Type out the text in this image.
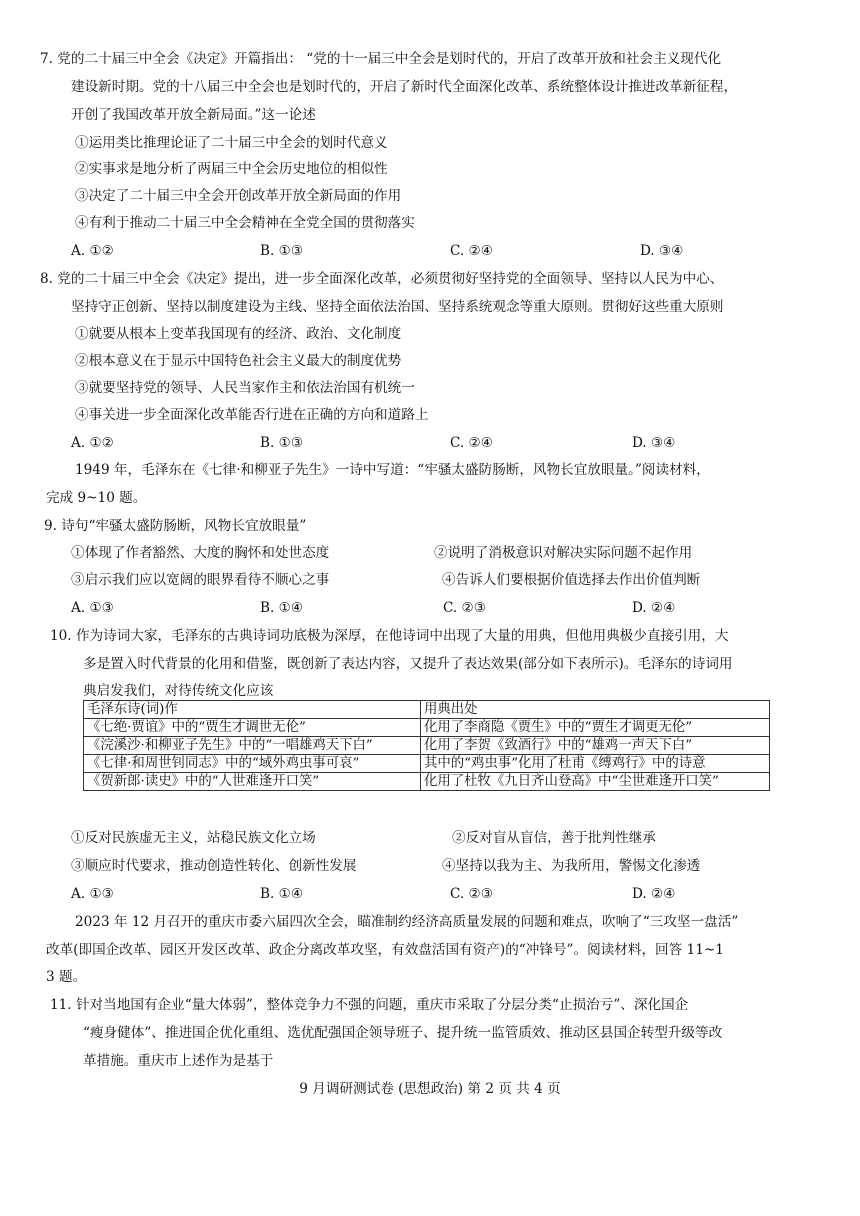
7. 党的二十届三中全会《决定》开篇指出： “党的十一届三中全会是划时代的，开启了改革开放和社会主义现代化
建设新时期。党的十八届三中全会也是划时代的，开启了新时代全面深化改革、系统整体设计推进改革新征程，
开创了我国改革开放全新局面。”这一论述
①运用类比推理论证了二十届三中全会的划时代意义
②实事求是地分析了两届三中全会历史地位的相似性
③决定了二十届三中全会开创改革开放全新局面的作用
④有利于推动二十届三中全会精神在全党全国的贯彻落实
A. ①②	B. ①③	C. ②④	D. ③④
8. 党的二十届三中全会《决定》提出，进一步全面深化改革，必须贯彻好坚持党的全面领导、坚持以人民为中心、
坚持守正创新、坚持以制度建设为主线、坚持全面依法治国、坚持系统观念等重大原则。贯彻好这些重大原则
①就要从根本上变革我国现有的经济、政治、文化制度
②根本意义在于显示中国特色社会主义最大的制度优势
③就要坚持党的领导、人民当家作主和依法治国有机统一
④事关进一步全面深化改革能否行进在正确的方向和道路上
A. ①②	B. ①③	C. ②④	D. ③④
1949 年，毛泽东在《七律·和柳亚子先生》一诗中写道：“牢骚太盛防肠断，风物长宜放眼量。”阅读材料，
完成 9~10 题。
9. 诗句“牢骚太盛防肠断，风物长宜放眼量”
①体现了作者豁然、大度的胸怀和处世态度	②说明了消极意识对解决实际问题不起作用
③启示我们应以宽阔的眼界看待不顺心之事	④告诉人们要根据价值选择去作出价值判断
A. ①③	B. ①④	C. ②③	D. ②④
10. 作为诗词大家，毛泽东的古典诗词功底极为深厚，在他诗词中出现了大量的用典，但他用典极少直接引用，大
多是置入时代背景的化用和借鉴，既创新了表达内容，又提升了表达效果(部分如下表所示)。毛泽东的诗词用
典启发我们，对待传统文化应该
毛泽东诗(词)作	用典出处
《七绝·贾谊》中的“贾生才调世无伦”	化用了李商隐《贾生》中的“贾生才调更无伦”
《浣溪沙·和柳亚子先生》中的“一唱雄鸡天下白”	化用了李贺《致酒行》中的“雄鸡一声天下白”
《七律·和周世钊同志》中的“域外鸡虫事可哀”	其中的“鸡虫事”化用了杜甫《缚鸡行》中的诗意
《贺新郎·读史》中的“人世难逢开口笑”	化用了杜牧《九日齐山登高》中“尘世难逢开口笑”
①反对民族虚无主义，站稳民族文化立场	②反对盲从盲信，善于批判性继承
③顺应时代要求，推动创造性转化、创新性发展	④坚持以我为主、为我所用，警惕文化渗透
A. ①③	B. ①④	C. ②③	D. ②④
2023 年 12 月召开的重庆市委六届四次全会，瞄准制约经济高质量发展的问题和难点，吹响了“三攻坚一盘活”
改革(即国企改革、园区开发区改革、政企分离改革攻坚，有效盘活国有资产)的“冲锋号”。阅读材料，回答 11~1
3 题。
11. 针对当地国有企业“量大体弱”，整体竞争力不强的问题，重庆市采取了分层分类“止损治亏”、深化国企
“瘦身健体”、推进国企优化重组、选优配强国企领导班子、提升统一监管质效、推动区县国企转型升级等改
革措施。重庆市上述作为是基于
9 月调研测试卷 (思想政治) 第 2 页 共 4 页
